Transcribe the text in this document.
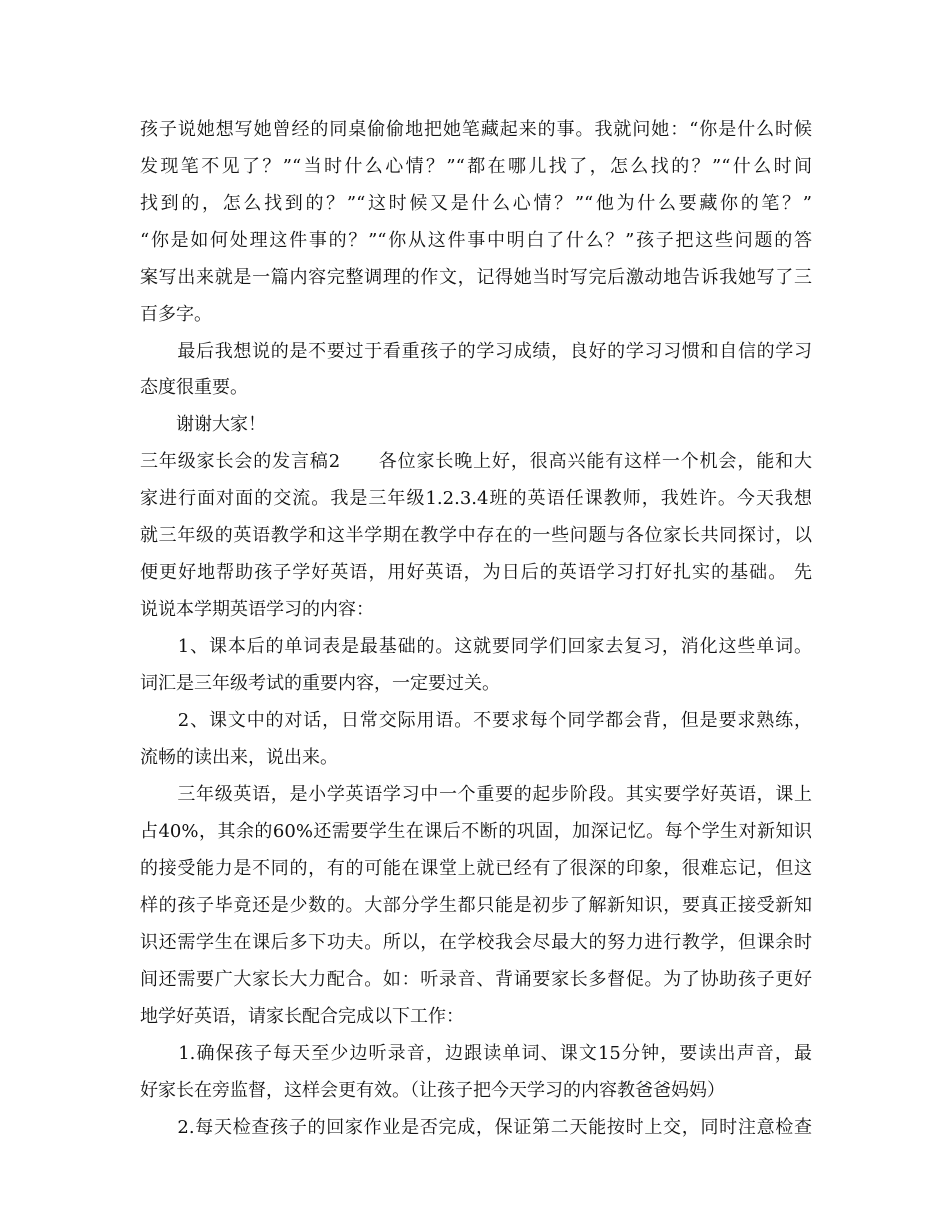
孩子说她想写她曾经的同桌偷偷地把她笔藏起来的事。我就问她：“你是什么时候
发现笔不见了？”“当时什么心情？”“都在哪儿找了，怎么找的？”“什么时间
找到的，怎么找到的？”“这时候又是什么心情？”“他为什么要藏你的笔？”
“你是如何处理这件事的？”“你从这件事中明白了什么？”孩子把这些问题的答
案写出来就是一篇内容完整调理的作文，记得她当时写完后激动地告诉我她写了三
百多字。
　　最后我想说的是不要过于看重孩子的学习成绩，良好的学习习惯和自信的学习
态度很重要。
　　谢谢大家！
三年级家长会的发言稿2　　各位家长晚上好，很高兴能有这样一个机会，能和大
家进行面对面的交流。我是三年级1.2.3.4班的英语任课教师，我姓许。今天我想
就三年级的英语教学和这半学期在教学中存在的一些问题与各位家长共同探讨，以
便更好地帮助孩子学好英语，用好英语，为日后的英语学习打好扎实的基础。 先
说说本学期英语学习的内容：
　　1、课本后的单词表是最基础的。这就要同学们回家去复习，消化这些单词。
词汇是三年级考试的重要内容，一定要过关。
　　2、课文中的对话，日常交际用语。不要求每个同学都会背，但是要求熟练，
流畅的读出来，说出来。
　　三年级英语，是小学英语学习中一个重要的起步阶段。其实要学好英语，课上
占40%，其余的60%还需要学生在课后不断的巩固，加深记忆。每个学生对新知识
的接受能力是不同的，有的可能在课堂上就已经有了很深的印象，很难忘记，但这
样的孩子毕竟还是少数的。大部分学生都只能是初步了解新知识，要真正接受新知
识还需学生在课后多下功夫。所以，在学校我会尽最大的努力进行教学，但课余时
间还需要广大家长大力配合。如：听录音、背诵要家长多督促。为了协助孩子更好
地学好英语，请家长配合完成以下工作：
　　1.确保孩子每天至少边听录音，边跟读单词、课文15分钟，要读出声音，最
好家长在旁监督，这样会更有效。（让孩子把今天学习的内容教爸爸妈妈）
　　2.每天检查孩子的回家作业是否完成，保证第二天能按时上交，同时注意检查
